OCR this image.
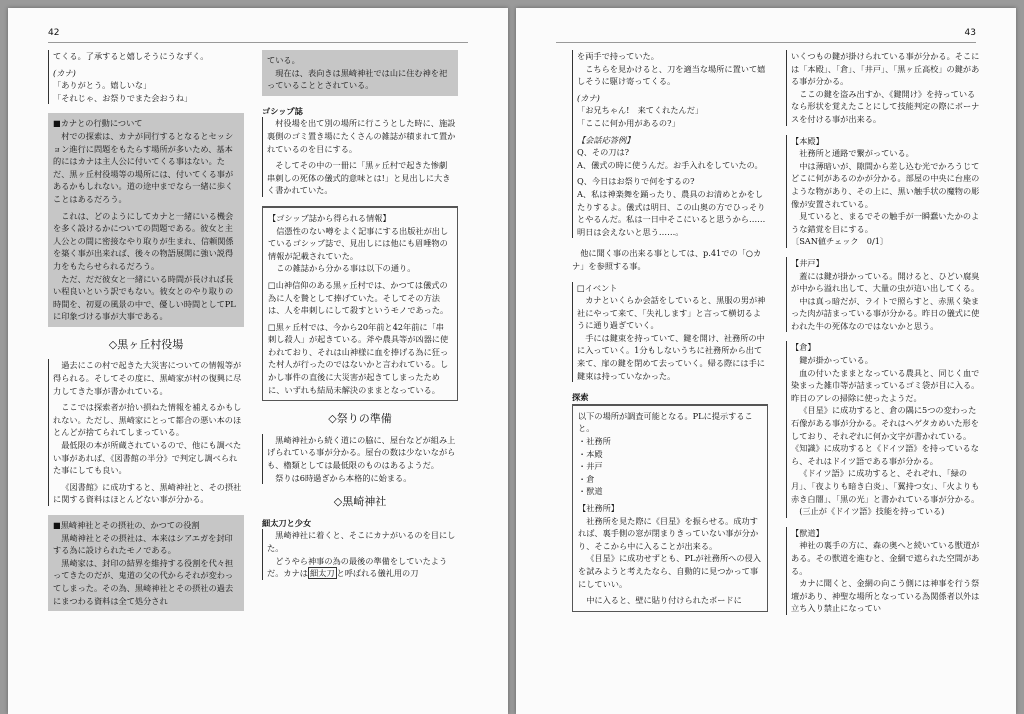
42
てくる。了承すると嬉しそうにうなずく。
(カナ)
「ありがとう。嬉しいな」
「それじゃ、お祭りでまた会おうね」
■カナとの行動について
村での探索は、カナが同行するとなるとセッション進行に問題をもたらす場所が多いため、基本的にはカナは主人公に付いてくる事はない。ただ、黒ヶ丘村役場等の場所には、付いてくる事があるかもしれない。道の途中までなら一緒に歩くことはあるだろう。
これは、どのようにしてカナと一緒にいる機会を多く設けるかについての問題である。彼女と主人公との間に密接なやり取りが生まれ、信頼関係を築く事が出来れば、後々の物語展開に強い説得力をもたらせられるだろう。
ただ、だだ彼女と一緒にいる時間が長ければ長い程良いという訳でもない。彼女とのやり取りの時間を、初夏の風景の中で、優しい時間としてPLに印象づける事が大事である。
◇黒ヶ丘村役場
過去にこの村で起きた大災害についての情報等が得られる。そしてその度に、黒崎家が村の復興に尽力してきた事が書かれている。
ここでは探索者が拾い損ねた情報を補えるかもしれない。ただし、黒崎家にとって都合の悪い本のほとんどが捨てられてしまっている。
最低限の本が所蔵されているので、他にも調べたい事があれば、《図書館の半分》で判定し調べられた事にしても良い。
《図書館》に成功すると、黒崎神社と、その摂社に関する資料はほとんどない事が分かる。
■黒崎神社とその摂社の、かつての役割
黒崎神社とその摂社は、本来はシアエガを封印する為に設けられたモノである。
黒崎家は、封印の結界を維持する役割を代々担ってきたのだが、鬼道の父の代からそれが変わってしまった。その為、黒崎神社とその摂社の過去にまつわる資料は全て処分され
ている。
現在は、表向きは黒崎神社では山に住む神を祀っていることとされている。
ゴシップ誌
村役場を出て別の場所に行こうとした時に、施設裏側のゴミ置き場にたくさんの雑誌が積まれて置かれているのを目にする。
そしてその中の一冊に「黒ヶ丘村で起きた惨劇　串刺しの死体の儀式的意味とは!」と見出しに大きく書かれていた。
【ゴシップ誌から得られる情報】
信憑性のない噂をよく記事にする出版社が出しているゴシップ誌で、見出しには他にも眉唾物の情報が記載されていた。
この雑誌から分かる事は以下の通り。
□山神信仰のある黒ヶ丘村では、かつては儀式の為に人を贄として捧げていた。そしてその方法は、人を串刺しにして殺すというモノであった。
□黒ヶ丘村では、今から20年前と42年前に「串刺し殺人」が起きている。斧や農具等が凶器に使われており、それは山神様に血を捧げる為に狂った村人が行ったのではないかと言われている。しかし事件の直後に大災害が起きてしまったために、いずれも結局未解決のままとなっている。
◇祭りの準備
黒崎神社から続く道にの脇に、屋台などが組み上げられている事が分かる。屋台の数は少ないながらも、櫓類としては最低限のものはあるようだ。
祭りは6時過ぎから本格的に始まる。
◇黒崎神社
細太刀と少女
黒崎神社に着くと、そこにカナがいるのを目にした。
どうやら神事の為の最後の準備をしていたようだ。カナは 細太刀 と呼ばれる儀礼用の刀
43
を両手で持っていた。
こちらを見かけると、刀を適当な場所に置いて嬉しそうに駆け寄ってくる。
(カナ)
「お兄ちゃん!　来てくれたんだ」
「ここに何か用があるの?」
【会話応答例】
Q、その刀は?
A、儀式の時に使うんだ。お手入れをしていたの。
Q、今日はお祭りで何をするの?
A、私は神楽舞を踊ったり、農具のお清めとかをしたりするよ。儀式は明日、この山奥の方でひっそりとやるんだ。私は一日中そこにいると思うから……明日は会えないと思う……。
他に聞く事の出来る事としては、p.41での「○カナ」を参照する事。
□イベント
カナといくらか会話をしていると、黒服の男が神社にやって来て、「失礼します」と言って横切るように通り過ぎていく。
手には鍵束を持っていて、鍵を開け、社務所の中に入っていく。1分もしないうちに社務所から出て来て、扉の鍵を閉めて去っていく。帰る際には手に鍵束は持っていなかった。
探索
以下の場所が調査可能となる。PLに提示すること。
・社務所
・本殿
・井戸
・倉
・獣道
【社務所】
社務所を見た際に《目星》を振らせる。成功すれば、裏手側の窓が閉まりきっていない事が分かり、そこから中に入ることが出来る。
《目星》に成功せずとも、PLが社務所への侵入を試みようと考えたなら、自動的に見つかって事にしていい。
中に入ると、壁に貼り付けられたボードに
いくつもの鍵が掛けられている事が分かる。そこには「本殿」、「倉」、「井戸」、「黒ヶ丘高校」の鍵がある事が分かる。
ここの鍵を盗み出すか、《鍵開け》を持っているなら形状を覚えたことにして技能判定の際にボーナスを付ける事が出来る。
【本殿】
社務所と通路で繋がっている。
中は薄暗いが、隙間から差し込む光でかろうじてどこに何があるのかが分かる。部屋の中央に台座のような物があり、その上に、黒い触手状の魔物の彫像が安置されている。
見ていると、まるでその触手が一瞬蠢いたかのような錯覚を目にする。
〔SAN値チェック　0/1〕
【井戸】
蓋には鍵が掛かっている。開けると、ひどい腐臭が中から溢れ出して、大量の虫が這い出してくる。
中は真っ暗だが、ライトで照らすと、赤黒く染まった肉が詰まっている事が分かる。昨日の儀式に使われた牛の死体なのではないかと思う。
【倉】
鍵が掛かっている。
血の付いたままとなっている農具と、同じく血で染まった雑巾等が詰まっているゴミ袋が目に入る。昨日のアレの掃除に使ったようだ。
《目星》に成功すると、倉の隅に5つの変わった石像がある事が分かる。それはヘゲタカめいた形をしており、それぞれに何か文字が書かれている。《知識》に成功すると《ドイツ語》を持っているなら、それはドイツ語である事が分かる。
《ドイツ語》に成功すると、それぞれ、「緑の月」、「夜よりも暗き白炎」、「翼持つ女」、「火よりも赤き白闇」、「黒の光」と書かれている事が分かる。
(三止が《ドイツ語》技能を持っている)
【獣道】
神社の裏手の方に、森の奥へと続いている獣道がある。その獣道を進むと、金網で遮られた空間がある。
カナに聞くと、金網の向こう側には神事を行う祭壇があり、神聖な場所となっている為関係者以外は立ち入り禁止になってい
